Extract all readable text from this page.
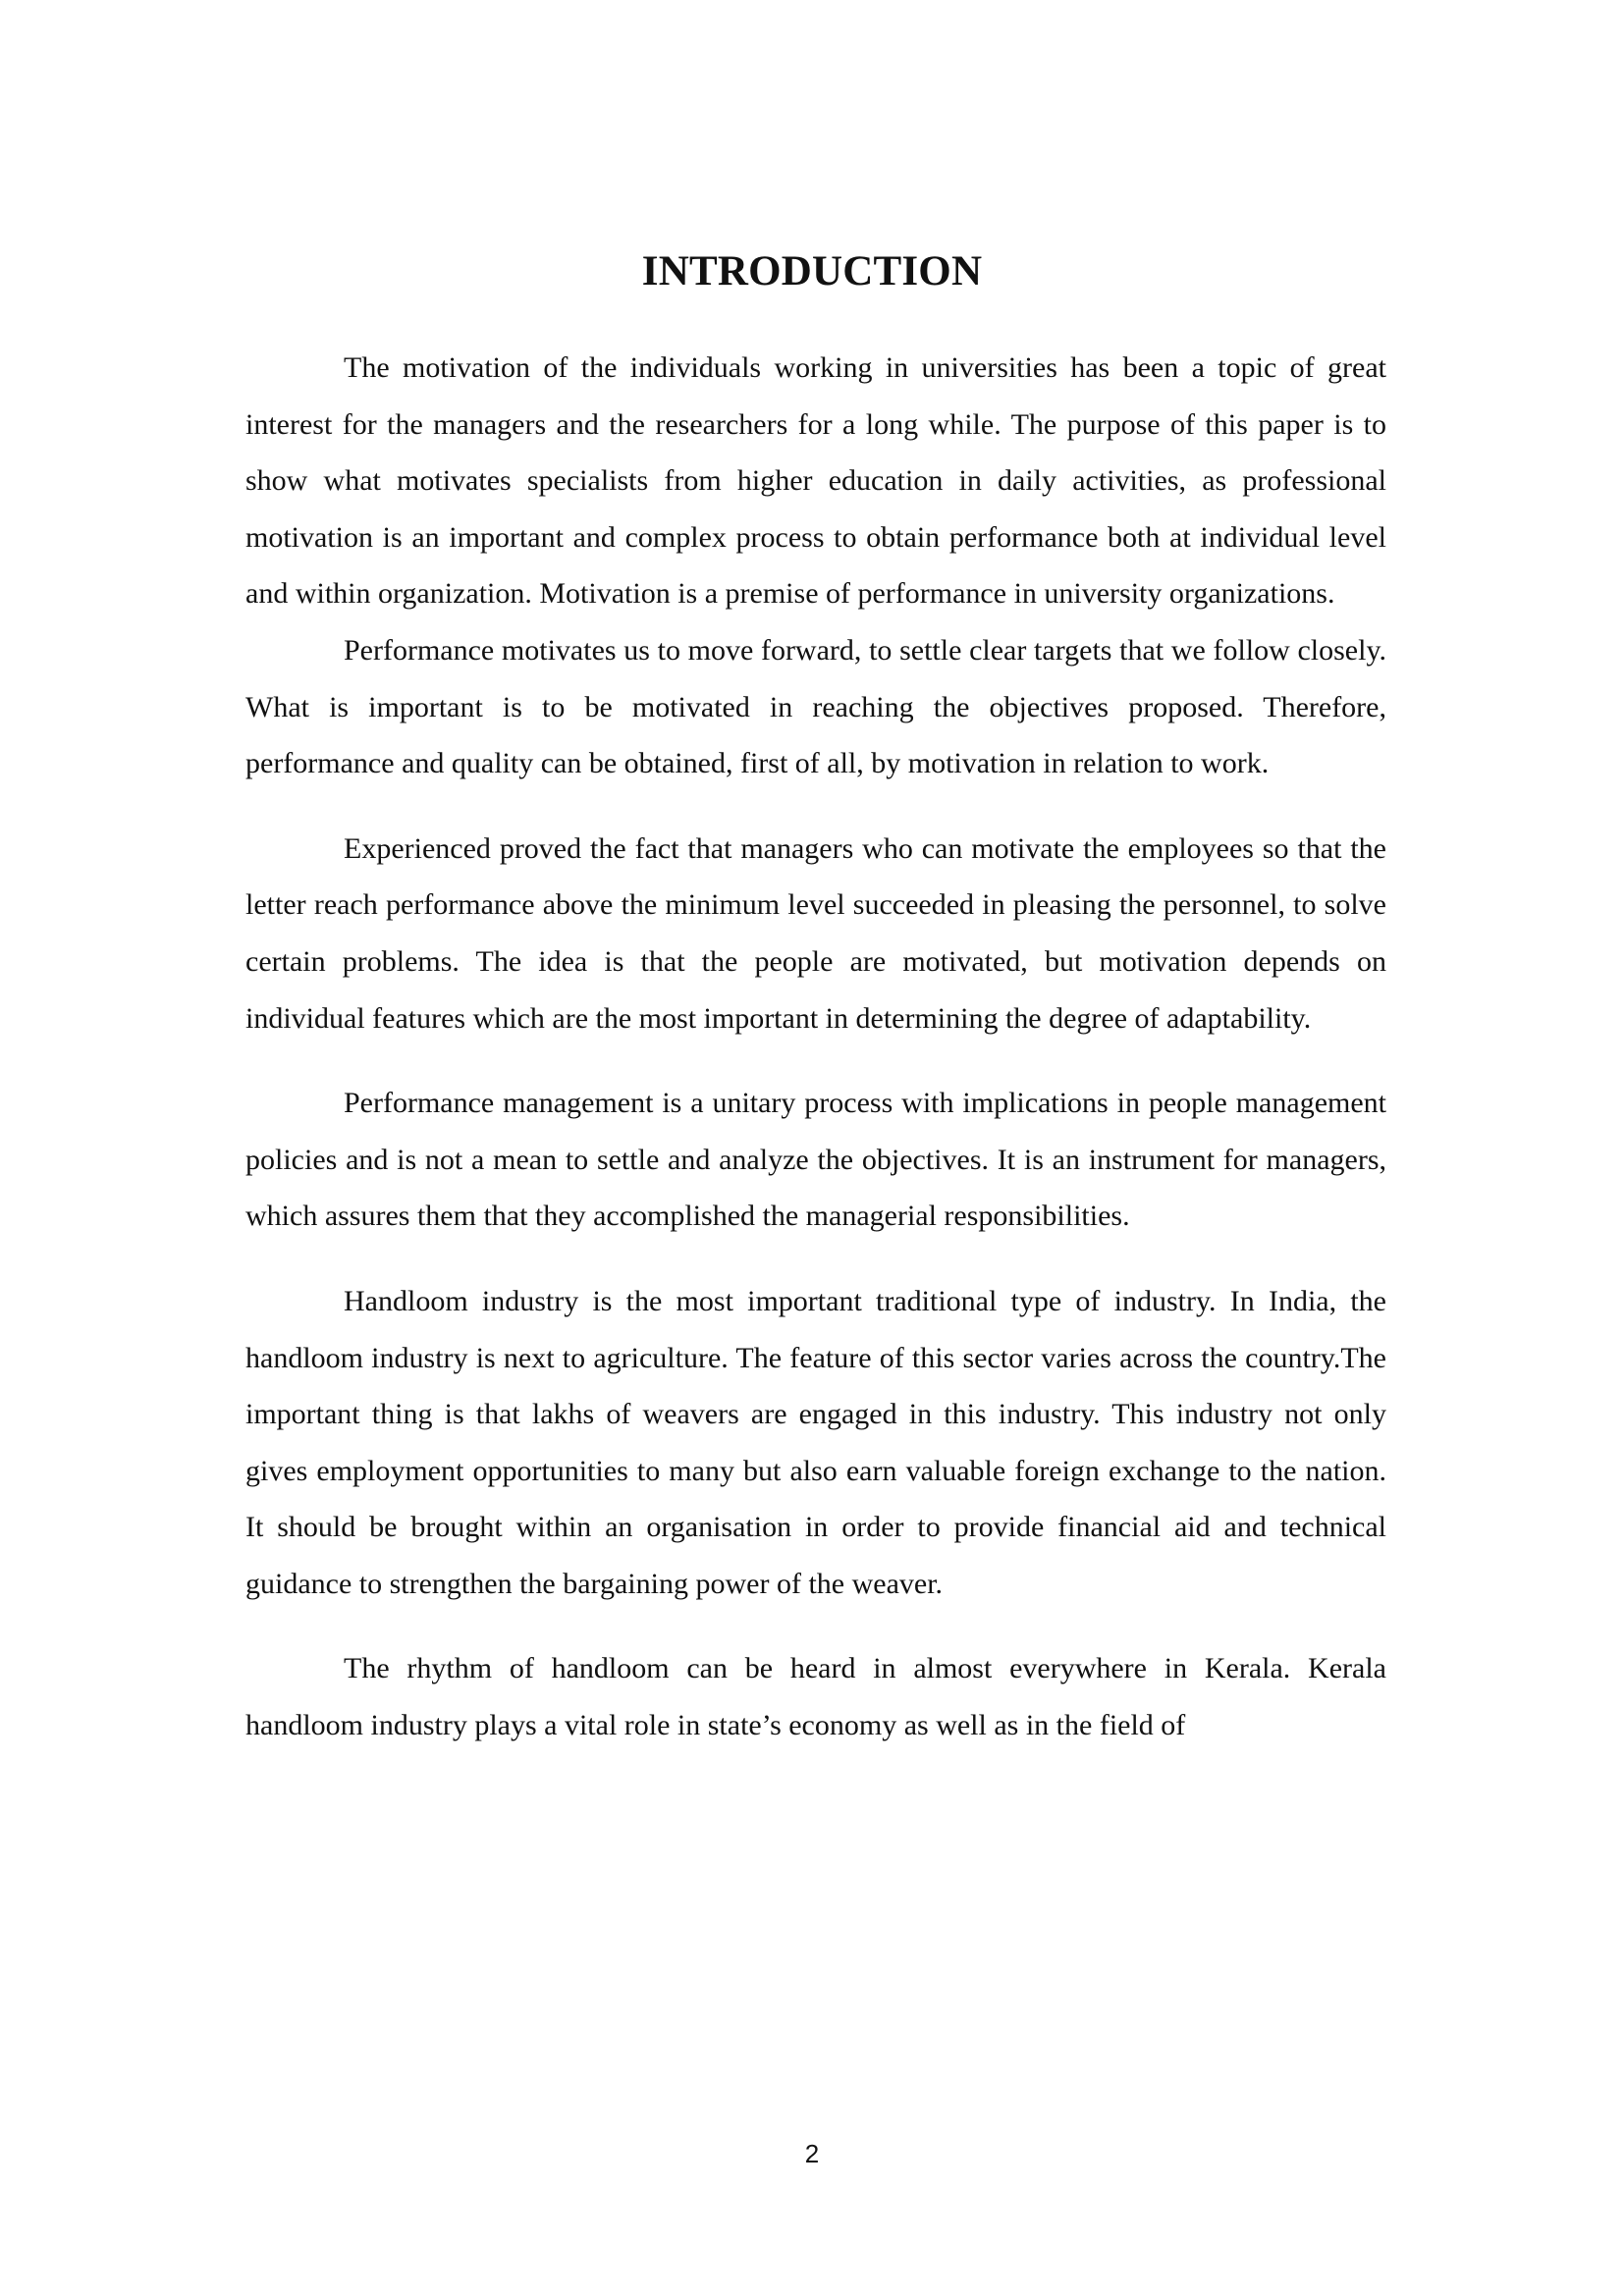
INTRODUCTION

The motivation of the individuals working in universities has been a topic of great interest for the managers and the researchers for a long while. The purpose of this paper is to show what motivates specialists from higher education in daily activities, as professional motivation is an important and complex process to obtain performance both at individual level and within organization. Motivation is a premise of performance in university organizations.

Performance motivates us to move forward, to settle clear targets that we follow closely. What is important is to be motivated in reaching the objectives proposed. Therefore, performance and quality can be obtained, first of all, by motivation in relation to work.

Experienced proved the fact that managers who can motivate the employees so that the letter reach performance above the minimum level succeeded in pleasing the personnel, to solve certain problems. The idea is that the people are motivated, but motivation depends on individual features which are the most important in determining the degree of adaptability.

Performance management is a unitary process with implications in people management policies and is not a mean to settle and analyze the objectives. It is an instrument for managers, which assures them that they accomplished the managerial responsibilities.

Handloom industry is the most important traditional type of industry. In India, the handloom industry is next to agriculture. The feature of this sector varies across the country.The important thing is that lakhs of weavers are engaged in this industry. This industry not only gives employment opportunities to many but also earn valuable foreign exchange to the nation. It should be brought within an organisation in order to provide financial aid and technical guidance to strengthen the bargaining power of the weaver.

The rhythm of handloom can be heard in almost everywhere in Kerala. Kerala handloom industry plays a vital role in state’s economy as well as in the field of

2
